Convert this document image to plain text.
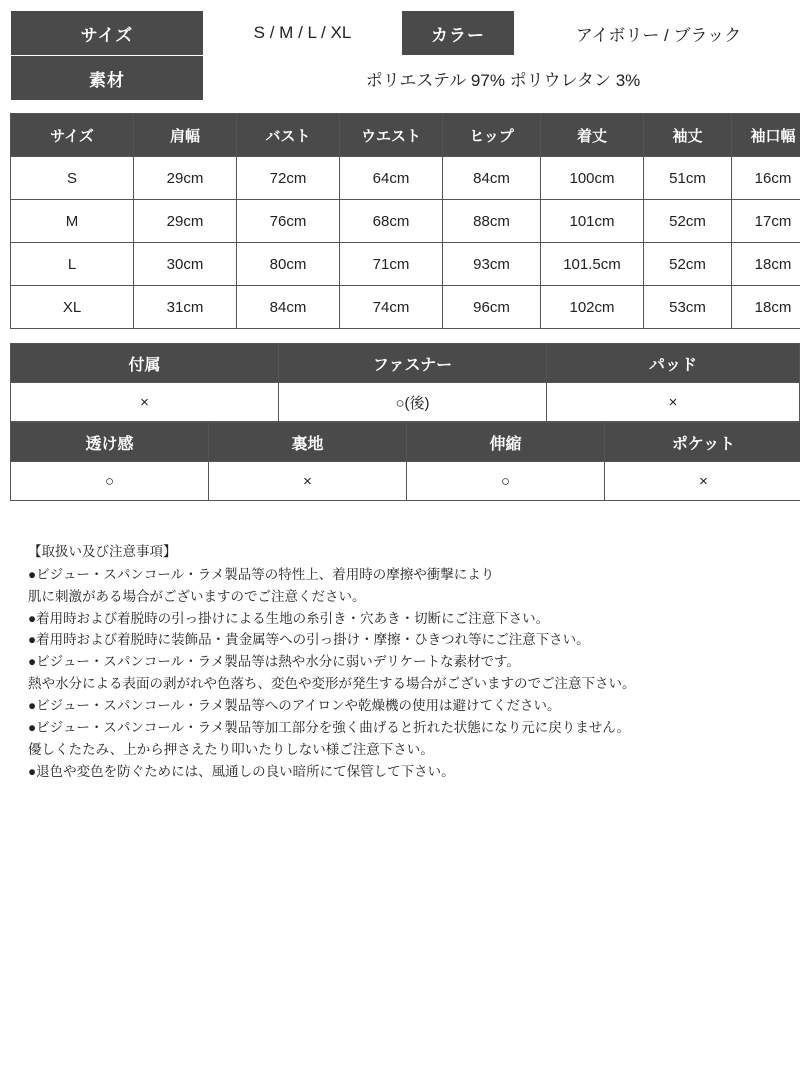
サイズ	S / M / L / XL	カラー	アイボリー / ブラック
素材	ポリエステル 97% ポリウレタン 3%		
サイズ	肩幅	バスト	ウエスト	ヒップ	着丈	袖丈	袖口幅
S	29cm	72cm	64cm	84cm	100cm	51cm	16cm
M	29cm	76cm	68cm	88cm	101cm	52cm	17cm
L	30cm	80cm	71cm	93cm	101.5cm	52cm	18cm
XL	31cm	84cm	74cm	96cm	102cm	53cm	18cm
付属	ファスナー	パッド
×	○(後)	×
透け感	裏地	伸縮	ポケット
○	×	○	×
【取扱い及び注意事項】
●ビジュー・スパンコール・ラメ製品等の特性上、着用時の摩擦や衝撃により
肌に刺激がある場合がございますのでご注意ください。
●着用時および着脱時の引っ掛けによる生地の糸引き・穴あき・切断にご注意下さい。
●着用時および着脱時に装飾品・貴金属等への引っ掛け・摩擦・ひきつれ等にご注意下さい。
●ビジュー・スパンコール・ラメ製品等は熱や水分に弱いデリケートな素材です。
熱や水分による表面の剥がれや色落ち、変色や変形が発生する場合がございますのでご注意下さい。
●ビジュー・スパンコール・ラメ製品等へのアイロンや乾燥機の使用は避けてください。
●ビジュー・スパンコール・ラメ製品等加工部分を強く曲げると折れた状態になり元に戻りません。
優しくたたみ、上から押さえたり叩いたりしない様ご注意下さい。
●退色や変色を防ぐためには、風通しの良い暗所にて保管して下さい。
